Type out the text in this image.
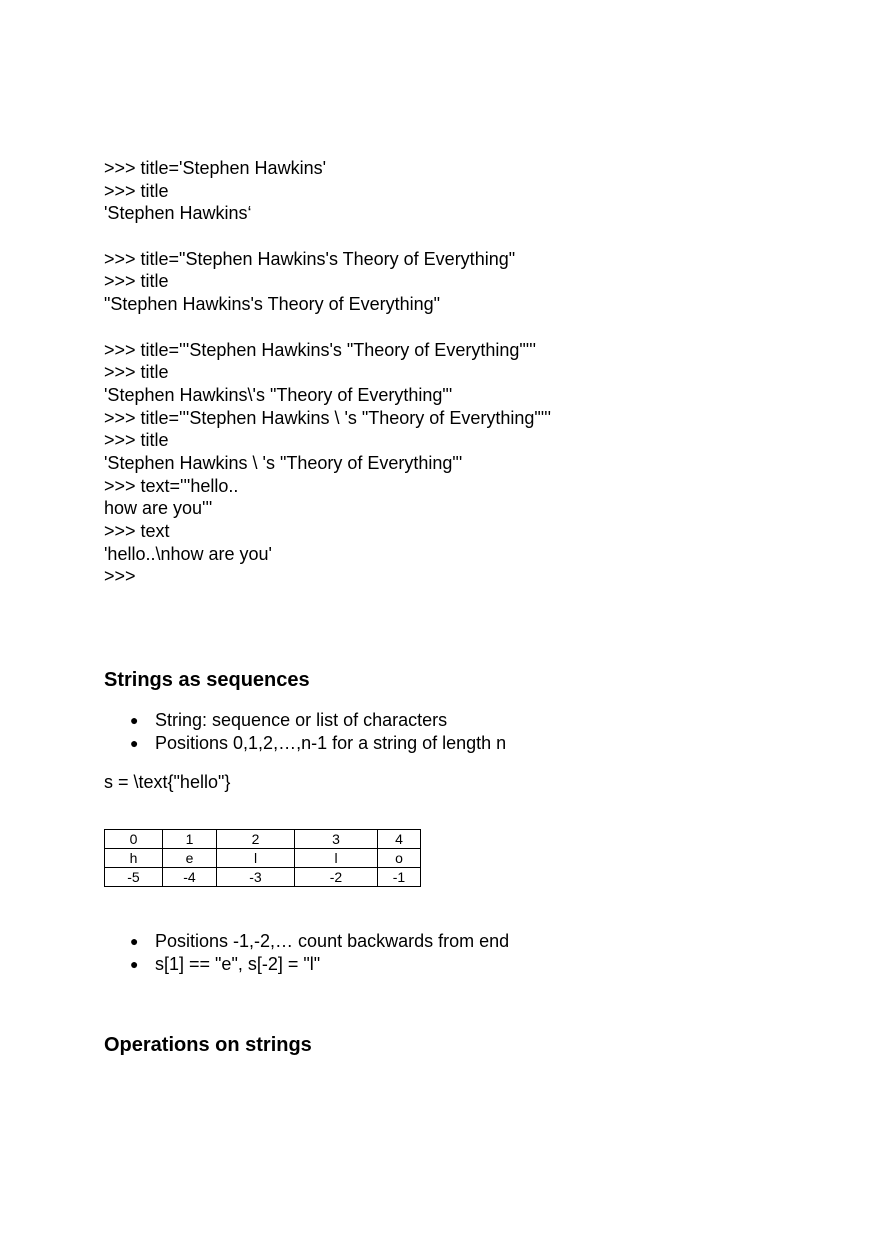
>>> title='Stephen Hawkins'
>>> title
'Stephen Hawkins‘
>>> title="Stephen Hawkins's Theory of Everything"
>>> title
"Stephen Hawkins's Theory of Everything"
>>> title='''Stephen Hawkins's "Theory of Everything"'''
>>> title
'Stephen Hawkins\'s "Theory of Everything"'
>>> title='''Stephen Hawkins \ 's "Theory of Everything"'''
>>> title
'Stephen Hawkins \ 's "Theory of Everything"'
>>> text='''hello..
how are you'''
>>> text
'hello..\nhow are you'
>>>
Strings as sequences
● String: sequence or list of characters
● Positions 0,1,2,…,n-1 for a string of length n
s = \text{"hello"}
0	1	2	3	4
h	e	l	l	o
-5	-4	-3	-2	-1
● Positions -1,-2,… count backwards from end
● s[1] == "e", s[-2] = "l"
Operations on strings
